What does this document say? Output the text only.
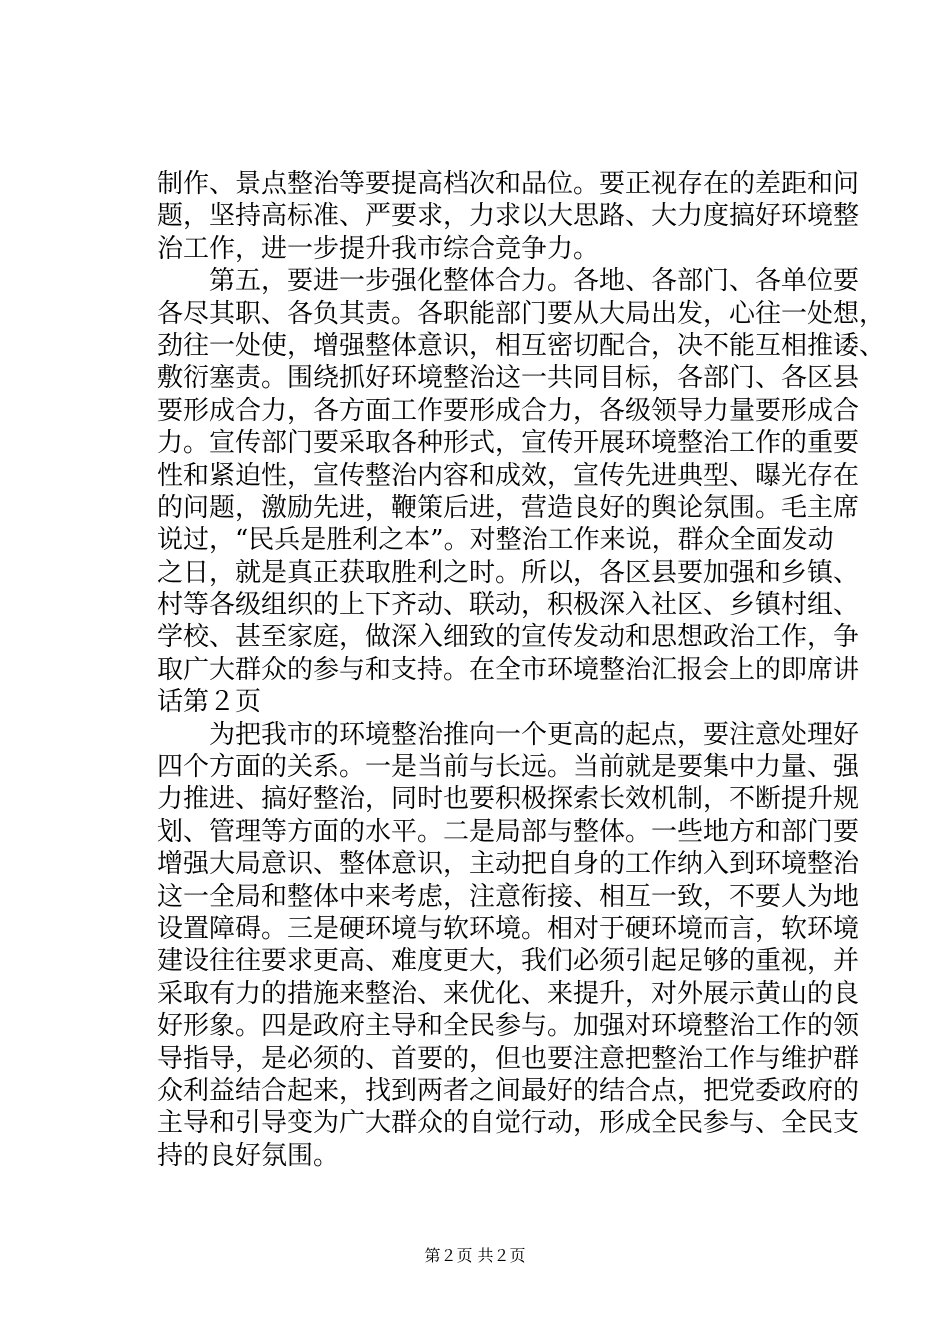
制作、景点整治等要提高档次和品位。要正视存在的差距和问
题，坚持高标准、严要求，力求以大思路、大力度搞好环境整
治工作，进一步提升我市综合竞争力。
　　第五，要进一步强化整体合力。各地、各部门、各单位要
各尽其职、各负其责。各职能部门要从大局出发，心往一处想，
劲往一处使，增强整体意识，相互密切配合，决不能互相推诿、
敷衍塞责。围绕抓好环境整治这一共同目标，各部门、各区县
要形成合力，各方面工作要形成合力，各级领导力量要形成合
力。宣传部门要采取各种形式，宣传开展环境整治工作的重要
性和紧迫性，宣传整治内容和成效，宣传先进典型、曝光存在
的问题，激励先进，鞭策后进，营造良好的舆论氛围。毛主席
说过，“民兵是胜利之本”。对整治工作来说，群众全面发动
之日，就是真正获取胜利之时。所以，各区县要加强和乡镇、
村等各级组织的上下齐动、联动，积极深入社区、乡镇村组、
学校、甚至家庭，做深入细致的宣传发动和思想政治工作，争
取广大群众的参与和支持。在全市环境整治汇报会上的即席讲
话第２页
　　为把我市的环境整治推向一个更高的起点，要注意处理好
四个方面的关系。一是当前与长远。当前就是要集中力量、强
力推进、搞好整治，同时也要积极探索长效机制，不断提升规
划、管理等方面的水平。二是局部与整体。一些地方和部门要
增强大局意识、整体意识，主动把自身的工作纳入到环境整治
这一全局和整体中来考虑，注意衔接、相互一致，不要人为地
设置障碍。三是硬环境与软环境。相对于硬环境而言，软环境
建设往往要求更高、难度更大，我们必须引起足够的重视，并
采取有力的措施来整治、来优化、来提升，对外展示黄山的良
好形象。四是政府主导和全民参与。加强对环境整治工作的领
导指导，是必须的、首要的，但也要注意把整治工作与维护群
众利益结合起来，找到两者之间最好的结合点，把党委政府的
主导和引导变为广大群众的自觉行动，形成全民参与、全民支
持的良好氛围。
第２页 共２页
